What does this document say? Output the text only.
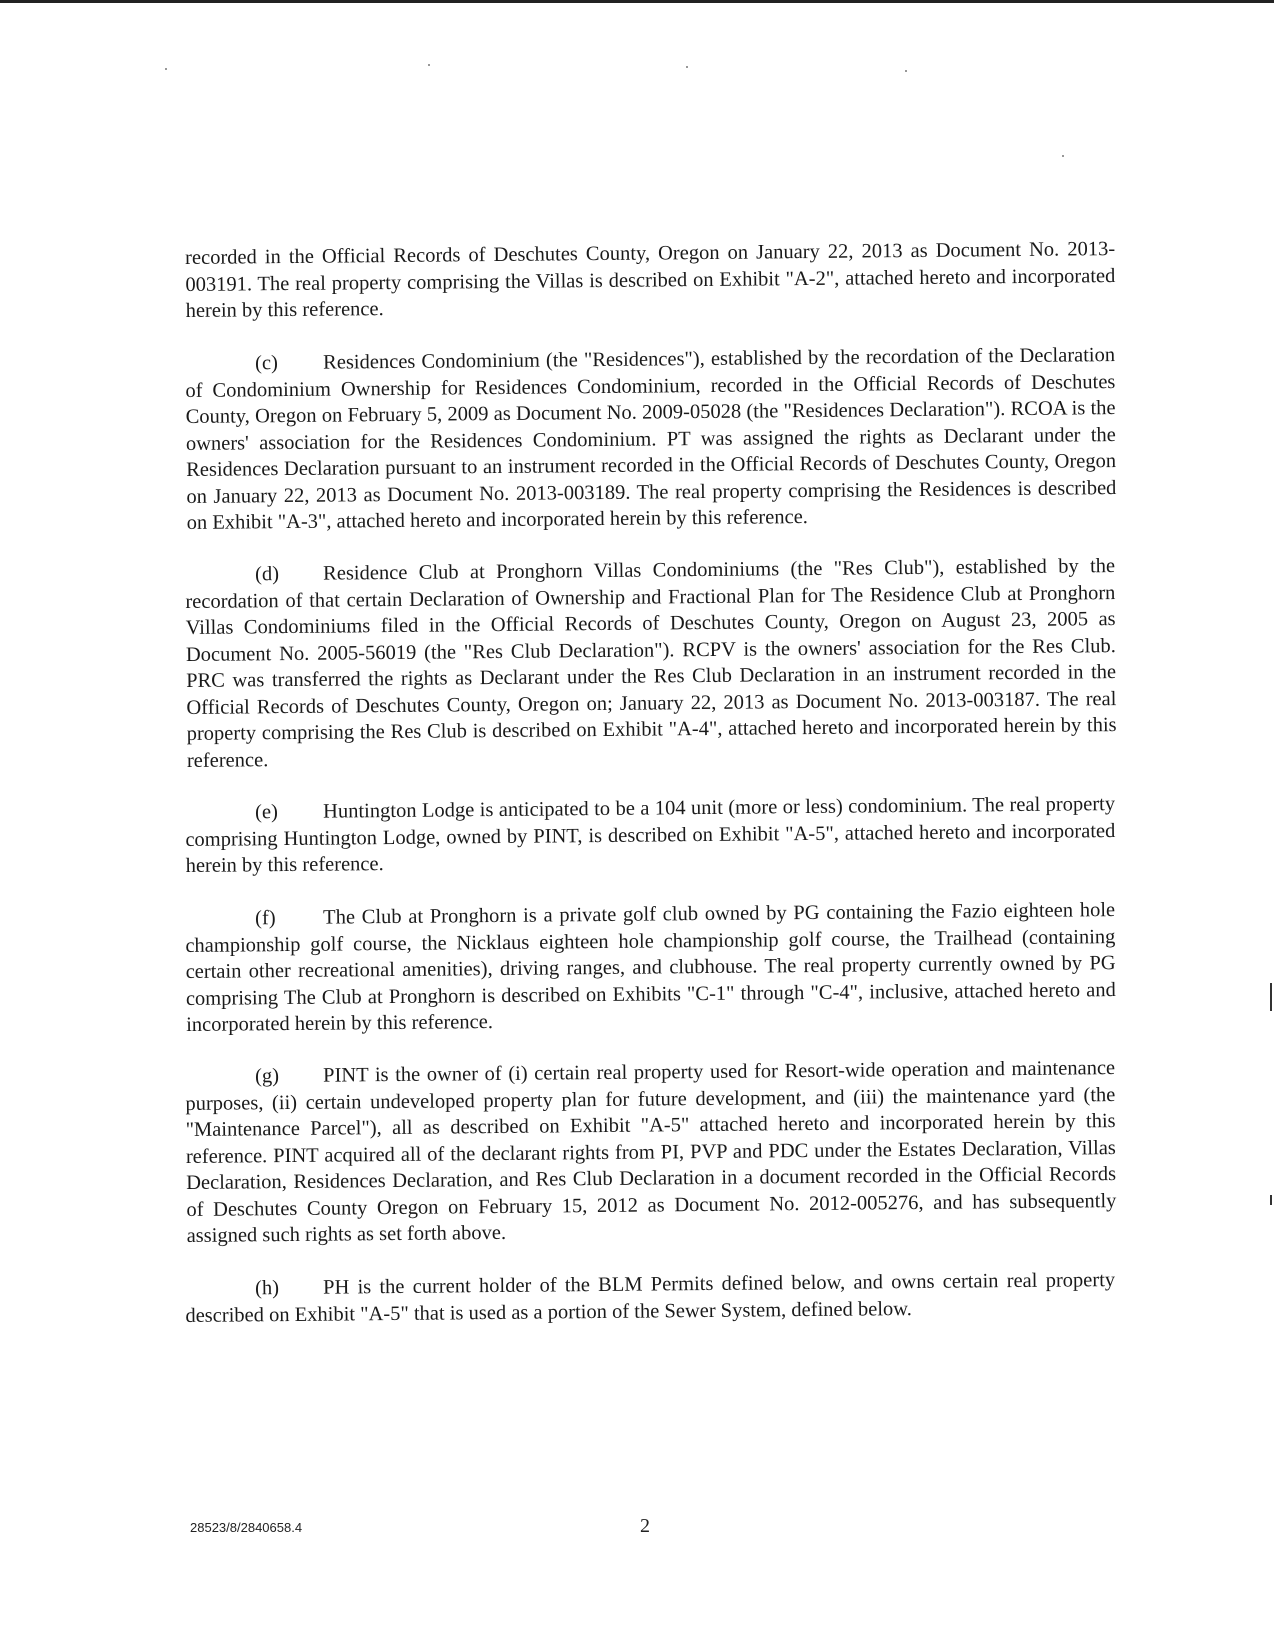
recorded in the Official Records of Deschutes County, Oregon on January 22, 2013 as Document No. 2013-003191. The real property comprising the Villas is described on Exhibit "A-2", attached hereto and incorporated herein by this reference.

(c) Residences Condominium (the "Residences"), established by the recordation of the Declaration of Condominium Ownership for Residences Condominium, recorded in the Official Records of Deschutes County, Oregon on February 5, 2009 as Document No. 2009-05028 (the "Residences Declaration"). RCOA is the owners' association for the Residences Condominium. PT was assigned the rights as Declarant under the Residences Declaration pursuant to an instrument recorded in the Official Records of Deschutes County, Oregon on January 22, 2013 as Document No. 2013-003189. The real property comprising the Residences is described on Exhibit "A-3", attached hereto and incorporated herein by this reference.

(d) Residence Club at Pronghorn Villas Condominiums (the "Res Club"), established by the recordation of that certain Declaration of Ownership and Fractional Plan for The Residence Club at Pronghorn Villas Condominiums filed in the Official Records of Deschutes County, Oregon on August 23, 2005 as Document No. 2005-56019 (the "Res Club Declaration"). RCPV is the owners' association for the Res Club. PRC was transferred the rights as Declarant under the Res Club Declaration in an instrument recorded in the Official Records of Deschutes County, Oregon on; January 22, 2013 as Document No. 2013-003187. The real property comprising the Res Club is described on Exhibit "A-4", attached hereto and incorporated herein by this reference.

(e) Huntington Lodge is anticipated to be a 104 unit (more or less) condominium. The real property comprising Huntington Lodge, owned by PINT, is described on Exhibit "A-5", attached hereto and incorporated herein by this reference.

(f) The Club at Pronghorn is a private golf club owned by PG containing the Fazio eighteen hole championship golf course, the Nicklaus eighteen hole championship golf course, the Trailhead (containing certain other recreational amenities), driving ranges, and clubhouse. The real property currently owned by PG comprising The Club at Pronghorn is described on Exhibits "C-1" through "C-4", inclusive, attached hereto and incorporated herein by this reference.

(g) PINT is the owner of (i) certain real property used for Resort-wide operation and maintenance purposes, (ii) certain undeveloped property plan for future development, and (iii) the maintenance yard (the "Maintenance Parcel"), all as described on Exhibit "A-5" attached hereto and incorporated herein by this reference. PINT acquired all of the declarant rights from PI, PVP and PDC under the Estates Declaration, Villas Declaration, Residences Declaration, and Res Club Declaration in a document recorded in the Official Records of Deschutes County Oregon on February 15, 2012 as Document No. 2012-005276, and has subsequently assigned such rights as set forth above.

(h) PH is the current holder of the BLM Permits defined below, and owns certain real property described on Exhibit "A-5" that is used as a portion of the Sewer System, defined below.

28523/8/2840658.4	2
